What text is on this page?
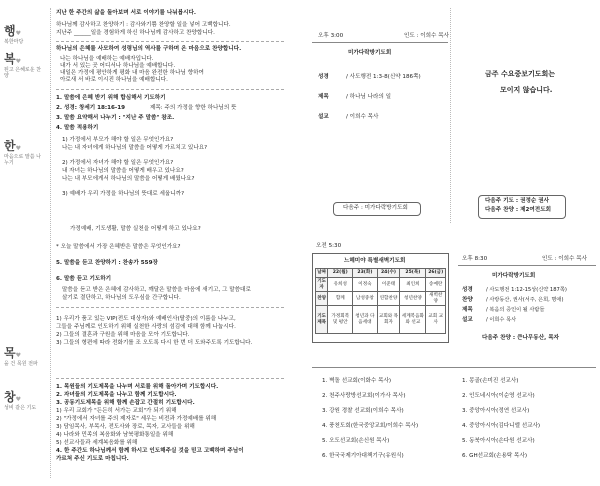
지난 한 주간의 삶을 돌아보며 서로 이야기를 나눠봅시다.
행♥
복한마당
하나님께 감사하고 찬양하기 : 감사와기쁨 찬양할 일을 넣어 고백합니다.
지난주 ______일을 경험하게 하신 하나님께 감사하고 찬양합니다.
복♥
된고 은혜로운 찬양
하나님의 은혜를 사모하여 성령님의 역사를 구하며 온 마음으로 찬양합니다.
나는 하나님을 예배하는 예배자입니다.
내가 서 있는 곳 어디서나 하나님을 예배합니다.
내일은 가정에 평안하게 평화 내 마음 완전한 하나님 향하여
아로새 서 바로 이시진 하나님을 예배합니다.
한♥
마음으로 말씀 나누기
1. 말씀에 은혜 받기 위해 합심해서 기도하기
2. 성경: 창세기 18:16-19	제목: 주의 가정을 향한 하나님의 뜻
3. 말씀 요약해서 나누기 : "지난 주 말씀" 참조.
4. 말씀 적용하기
1) 가정에서 부모가 해야 할 일은 무엇인가요?
나는 내 자녀에게 하나님의 말씀을 어떻게 가르치고 있나요?
2) 가정에서 자녀가 해야 할 일은 무엇인가요?
내 자녀는 하나님의 말씀을 어떻게 배우고 있나요?
나는 내 부모에게서 하나님의 말씀을 어떻게 배웠나요?
3) 예배가 우리 가정을 하나님의 뜻대로 세웁니까?
가정예배, 기도생활, 말씀 실천을 어떻게 하고 있나요?
* 오늘 말씀에서 가장 은혜받은 말씀은 무엇인가요?
5. 말씀을 듣고 찬양하기 : 찬송가 559장
6. 말씀 듣고 기도하기
말씀을 듣고 받은 은혜에 감사하고, 깨달은 말씀을 마음에 새기고, 그 말씀대로
살기로 결단하고, 하나님의 도우심을 간구합니다.
목♥
을 건 목원 전파
1) 우리가 품고 있는 VIP(전도 대상자)와 예배인사(탈중)의 이름을 나누고,
그들을 주님께로 인도하기 위해 실천한 사랑의 섬김에 대해 함께 나눕시다.
2) 그들의 결혼과 구원을 위해 마음을 모아 기도합니다.
3) 그들의 형편에 따라 전화기를 조 오도록 다시 한 번 더 도와주도록 기도합니다.
창♥
성비 같은 기도
1. 목원들의 기도제목을 나누며 서로를 위해 돌아가며 기도합시다.
2. 자녀들의 기도제목을 나누고 함께 기도합시다.
3. 공동기도제목을 위해 함께 손잡고 간절히 기도합시다.
1) 우리 교회가 "든든히 서가는 교회"가 되기 위해
2) "가정에서 자녀를 주의 제자로" 세우는 비전과 가정예배를 위해
3) 담임목사, 부목사, 전도사와 장로, 목자, 교사들을 위해
4) 나라와 민족의 복음화와 남북평화통일을 위해
5) 선교사들과 세계복음화를 위해
4. 한 주간도 하나님께서 함께 하시고 인도해주실 것을 믿고 고백하며 주님이
가르쳐 주신 기도로 마칩니다.
오후 3:00	인도 : 이희수 목사
미가다락방기도회
성경	/ 사도행전 1:3-8(신약 186쪽)
제목	/ 하나님 나라의 일
설교	/ 이희수 목사
금주 수요중보기도회는
모이지 않습니다.
다음주 : 미가다락방기도회
다음주 기도 : 권정순 권사
다음주 찬양 : 제2여전도회
오전 5:30
느헤미야 특별새벽기도회
날짜	22(월)	23(화)	24(수)	25(목)	26(금)
기도자	유희성	이정숙	이준태	최인희	송예란
찬양	함께	남성중창	연합찬양	청년찬양	새벽찬양
기도제목	가정회복 및 평안	청년과 다음세대	교회와 목회자	세계복음화와 선교	교회 교사
오후 8:30	인도 : 이희수 목사
미가다락방기도회
성경	/ 사도행전 1:12-15상(신약 187쪽)
찬양	/ 사랑동산, 권사(서주, 은희, 명애)
제목	/ 복음의 증인이 될 사람들
설교	/ 이희수 목사
다음주 찬양 : 큰나무동산, 목자
1. 벽돌 선교회(이화수 목사)
2. 천주사랑방선교회(이가사 목사)
3. 강원 경찰 선교회(이희수 목사)
4. 풍천도회(한국중앙교회/이희수 목사)
5. 오도선교회(손신원 목사)
6. 한국국제기아대책기구(유원식)
1. 몽골(손미진 선교사)
2. 인도네시아(이순영 선교사)
3. 중앙아시아(정연 선교사)
4. 중앙아시아(김다니엘 선교사)
5. 동북아시아(손다원 선교사)
6. GH선교회(손용탁 목사)
